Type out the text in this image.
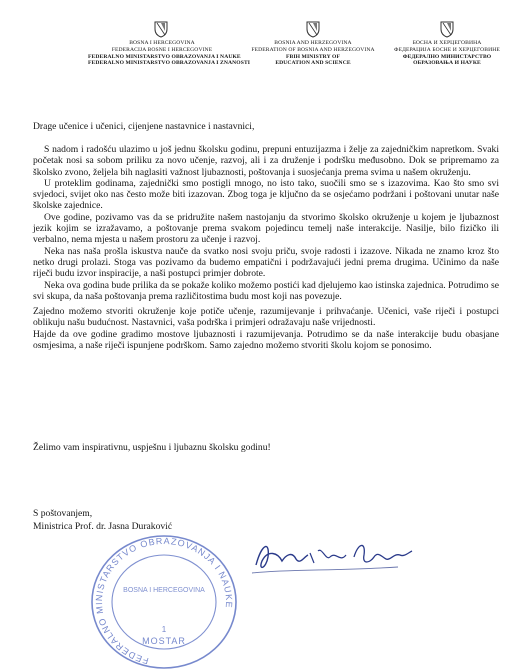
BOSNA I HERCEGOVINA
FEDERACIJA BOSNE I HERCEGOVINE
FEDERALNO MINISTARSTVO OBRAZOVANJA I NAUKE
FEDERALNO MINISTARSTVO OBRAZOVANJA I ZNANOSTI
BOSNIA AND HERZEGOVINA
FEDERATION OF BOSNIA AND HERZEGOVINA
FBIH MINISTRY OF
EDUCATION AND SCIENCE
БОСНА И ХЕРЦЕГОВИНА
ФЕДЕРАЦИЈА БОСНЕ И ХЕРЦЕГОВИНЕ
ФЕДЕРАЛНО МИНИСТАРСТВО
ОБРАЗОВАЊА И НАУКЕ
Drage učenice i učenici, cijenjene nastavnice i nastavnici,

S nadom i radošću ulazimo u još jednu školsku godinu, prepuni entuzijazma i želje za zajedničkim napretkom. Svaki početak nosi sa sobom priliku za novo učenje, razvoj, ali i za druženje i podršku međusobno. Dok se pripremamo za školsko zvono, željela bih naglasiti važnost ljubaznosti, poštovanja i suosjećanja prema svima u našem okruženju.

U proteklim godinama, zajednički smo postigli mnogo, no isto tako, suočili smo se s izazovima. Kao što smo svi svjedoci, svijet oko nas često može biti izazovan. Zbog toga je ključno da se osjećamo podržani i poštovani unutar naše školske zajednice.

Ove godine, pozivamo vas da se pridružite našem nastojanju da stvorimo školsko okruženje u kojem je ljubaznost jezik kojim se izražavamo, a poštovanje prema svakom pojedincu temelj naše interakcije. Nasilje, bilo fizičko ili verbalno, nema mjesta u našem prostoru za učenje i razvoj.

Neka nas naša prošla iskustva nauče da svatko nosi svoju priču, svoje radosti i izazove. Nikada ne znamo kroz što netko drugi prolazi. Stoga vas pozivamo da budemo empatični i podržavajući jedni prema drugima. Učinimo da naše riječi budu izvor inspiracije, a naši postupci primjer dobrote.

Neka ova godina bude prilika da se pokaže koliko možemo postići kad djelujemo kao istinska zajednica. Potrudimo se svi skupa, da naša poštovanja prema različitostima budu most koji nas povezuje.

Zajedno možemo stvoriti okruženje koje potiče učenje, razumijevanje i prihvaćanje. Učenici, vaše riječi i postupci oblikuju našu budućnost. Nastavnici, vaša podrška i primjeri odražavaju naše vrijednosti.

Hajde da ove godine gradimo mostove ljubaznosti i razumijevanja. Potrudimo se da naše interakcije budu obasjane osmjesima, a naše riječi ispunjene podrškom. Samo zajedno možemo stvoriti školu kojom se ponosimo.

Želimo vam inspirativnu, uspješnu i ljubaznu školsku godinu!
S poštovanjem,
Ministrica Prof. dr. Jasna Duraković
FEDERALNO MINISTARSTVO OBRAZOVANJA I NAUKE
BOSNA I HERCEGOVINA
1
MOSTAR
